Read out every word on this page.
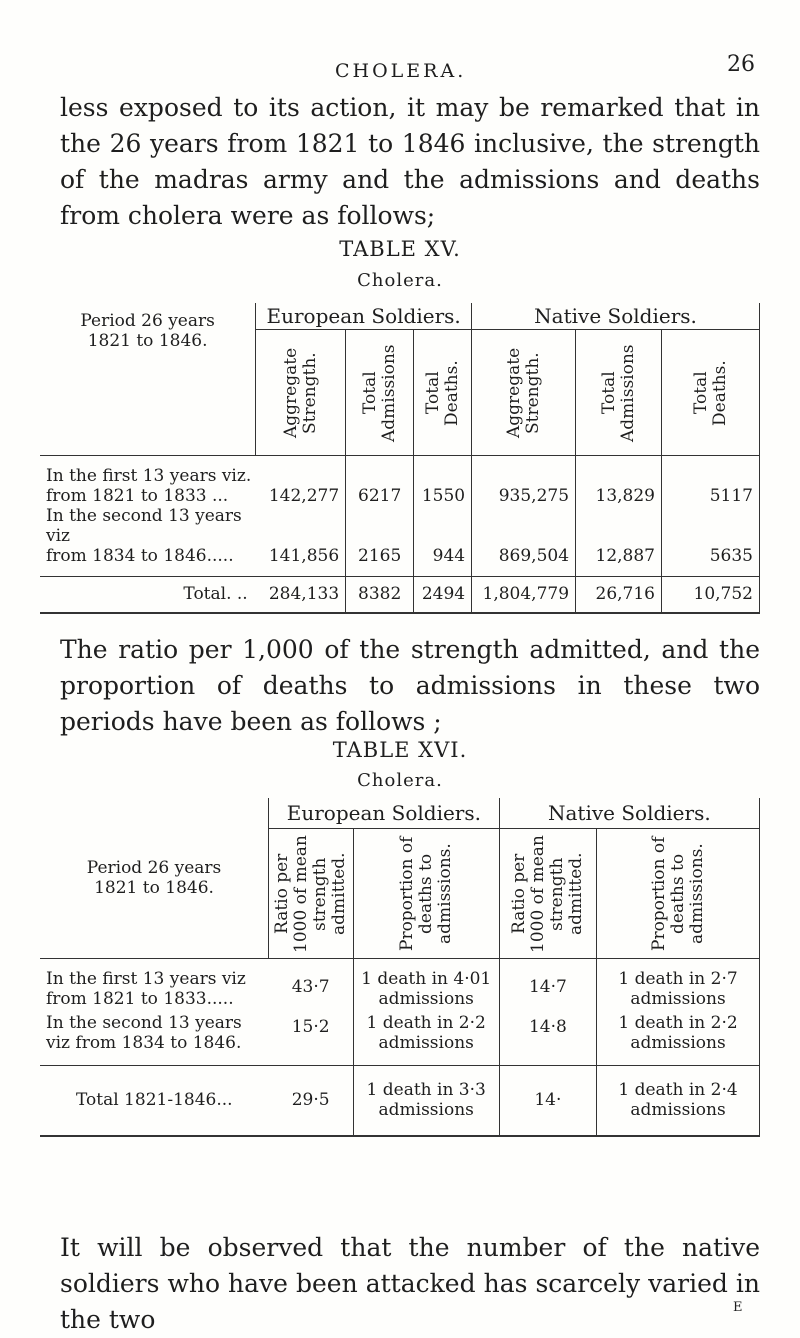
CHOLERA.	26
less exposed to its action, it may be remarked that in the 26 years from 1821 to 1846 inclusive, the strength of the madras army and the admissions and deaths from cholera were as follows;
TABLE XV.
Cholera.
Period 26 years
1821 to 1846.	European Soldiers.			Native Soldiers.		

	Aggregate Strength.	Total Admissions	Total Deaths.	Aggregate Strength.	Total Admissions	Total Deaths.

In the first 13 years viz.
from 1821 to 1833 ...	142,277	6217	1550	935,275	13,829	5117

In the second 13 years viz
from 1834 to 1846.....	141,856	2165	944	869,504	12,887	5635
Total. ..	284,133	8382	2494	1,804,779	26,716	10,752
The ratio per 1,000 of the strength admitted, and the proportion of deaths to admissions in these two periods have been as follows ;
TABLE XVI.
Cholera.
Period 26 years
1821 to 1846.	European Soldiers.		Native Soldiers.	

	Ratio per 1000 of mean strength admitted.	Proportion of deaths to admissions.	Ratio per 1000 of mean strength admitted.	Proportion of deaths to admissions.

In the first 13 years viz from 1821 to 1833.....	43·7	1 death in 4·01 admissions	14·7	1 death in 2·7 admissions
In the second 13 years viz from 1834 to 1846.	15·2	1 death in 2·2 admissions	14·8	1 death in 2·2 admissions
Total 1821-1846...	29·5	1 death in 3·3 admissions	14·	1 death in 2·4 admissions
It will be observed that the number of the native soldiers who have been attacked has scarcely varied in the two	E
